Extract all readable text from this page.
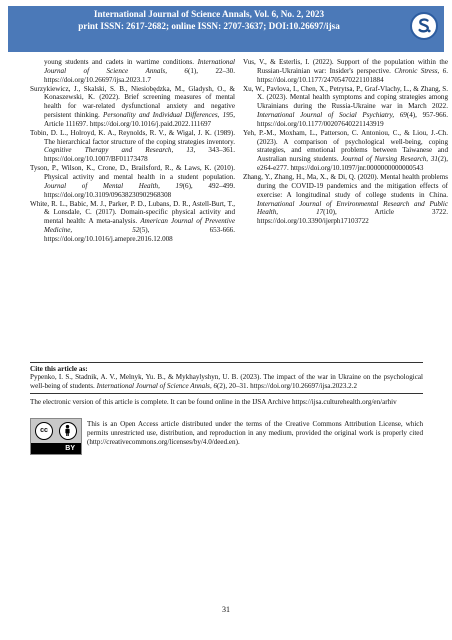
International Journal of Science Annals, Vol. 6, No. 2, 2023
print ISSN: 2617-2682; online ISSN: 2707-3637; DOI:10.26697/ijsa

young students and cadets in wartime conditions. International Journal of Science Annals, 6(1), 22–30. https://doi.org/10.26697/ijsa.2023.1.7

Surzykiewicz, J., Skalski, S. B., Niesiobędzka, M., Gladysh, O., & Konaszewski, K. (2022). Brief screening measures of mental health for war-related dysfunctional anxiety and negative persistent thinking. Personality and Individual Differences, 195, Article 111697. https://doi.org/10.1016/j.paid.2022.111697

Tobin, D. L., Holroyd, K. A., Reynolds, R. V., & Wigal, J. K. (1989). The hierarchical factor structure of the coping strategies inventory. Cognitive Therapy and Research, 13, 343–361. https://doi.org/10.1007/BF01173478

Tyson, P., Wilson, K., Crone, D., Brailsford, R., & Laws, K. (2010). Physical activity and mental health in a student population. Journal of Mental Health, 19(6), 492–499. https://doi.org/10.3109/09638230902968308

White, R. L., Babic, M. J., Parker, P. D., Lubans, D. R., Astell-Burt, T., & Lonsdale, C. (2017). Domain-specific physical activity and mental health: A meta-analysis. American Journal of Preventive Medicine, 52(5), 653-666. https://doi.org/10.1016/j.amepre.2016.12.008

Vus, V., & Esterlis, I. (2022). Support of the population within the Russian-Ukrainian war: Insider's perspective. Chronic Stress, 6. https://doi.org/10.1177/24705470221101884

Xu, W., Pavlova, I., Chen, X., Petrytsa, P., Graf-Vlachy, L., & Zhang, S. X. (2023). Mental health symptoms and coping strategies among Ukrainians during the Russia-Ukraine war in March 2022. International Journal of Social Psychiatry, 69(4), 957-966. https://doi.org/10.1177/00207640221143919

Yeh, P.-M., Moxham, L., Patterson, C. Antoniou, C., & Liou, J.-Ch. (2023). A comparison of psychological well-being, coping strategies, and emotional problems between Taiwanese and Australian nursing students. Journal of Nursing Research, 31(2), e264-e277. https://doi.org/10.1097/jnr.0000000000000543

Zhang, Y., Zhang, H., Ma, X., & Di, Q. (2020). Mental health problems during the COVID-19 pandemics and the mitigation effects of exercise: A longitudinal study of college students in China. International Journal of Environmental Research and Public Health, 17(10), Article 3722. https://doi.org/10.3390/ijerph17103722

Cite this article as:

Pypenko, I. S., Stadnik, A. V., Melnyk, Yu. B., & Mykhaylyshyn, U. B. (2023). The impact of the war in Ukraine on the psychological well-being of students. International Journal of Science Annals, 6(2), 20–31. https://doi.org/10.26697/ijsa.2023.2.2

The electronic version of this article is complete. It can be found online in the IJSA Archive https://ijsa.culturehealth.org/en/arhiv

cc
BY

This is an Open Access article distributed under the terms of the Creative Commons Attribution License, which permits unrestricted use, distribution, and reproduction in any medium, provided the original work is properly cited (http://creativecommons.org/licenses/by/4.0/deed.en).

31
